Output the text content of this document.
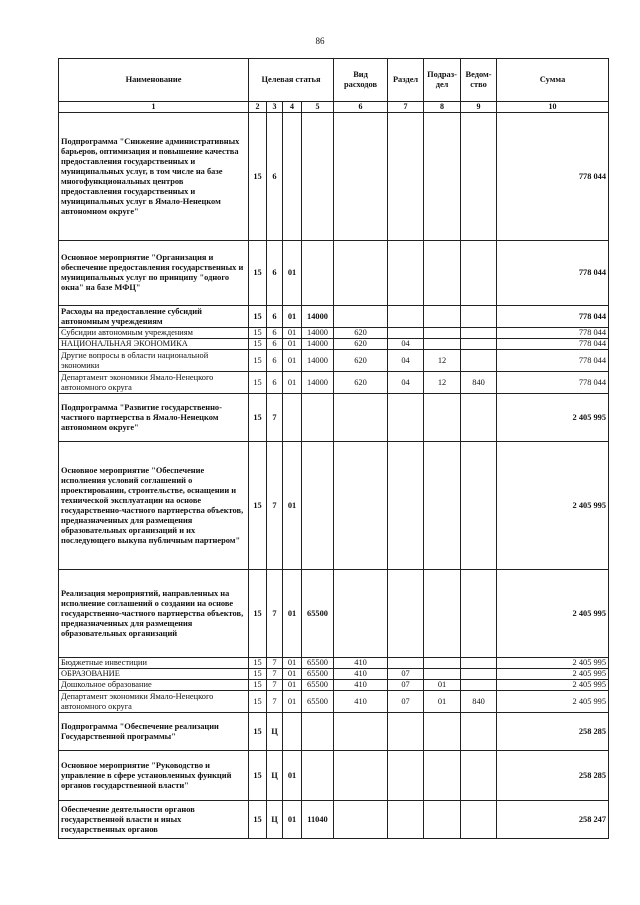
86
Наименование	Целевая статья				Вид расходов	Раздел	Подраз-дел	Ведом-ство	Сумма
1	2	3	4	5	6	7	8	9	10
Подпрограмма "Снижение административных барьеров, оптимизация и повышение качества предоставления государственных и муниципальных услуг, в том числе на базе многофункциональных центров предоставления государственных и муниципальных услуг в Ямало-Ненецком автономном округе"	15	6							778 044
Основное мероприятие "Организация и обеспечение предоставления государственных и муниципальных услуг по принципу "одного окна" на базе МФЦ"	15	6	01						778 044
Расходы на предоставление субсидий автономным учреждениям	15	6	01	14000					778 044
Субсидии автономным учреждениям	15	6	01	14000	620				778 044
НАЦИОНАЛЬНАЯ ЭКОНОМИКА	15	6	01	14000	620	04			778 044
Другие вопросы в области национальной экономики	15	6	01	14000	620	04	12		778 044
Департамент экономики Ямало-Ненецкого автономного округа	15	6	01	14000	620	04	12	840	778 044
Подпрограмма "Развитие государственно-частного партнерства в Ямало-Ненецком автономном округе"	15	7							2 405 995
Основное мероприятие "Обеспечение исполнения условий соглашений о проектировании, строительстве, оснащении и технической эксплуатации на основе государственно-частного партнерства объектов, предназначенных для размещения образовательных организаций и их последующего выкупа публичным партнером"	15	7	01						2 405 995
Реализация мероприятий, направленных на исполнение соглашений о создании на основе государственно-частного партнерства объектов, предназначенных для размещения образовательных организаций	15	7	01	65500					2 405 995
Бюджетные инвестиции	15	7	01	65500	410				2 405 995
ОБРАЗОВАНИЕ	15	7	01	65500	410	07			2 405 995
Дошкольное образование	15	7	01	65500	410	07	01		2 405 995
Департамент экономики Ямало-Ненецкого автономного округа	15	7	01	65500	410	07	01	840	2 405 995
Подпрограмма "Обеспечение реализации Государственной программы"	15	Ц							258 285
Основное мероприятие "Руководство и управление в сфере установленных функций органов государственной власти"	15	Ц	01						258 285
Обеспечение деятельности органов государственной власти и иных государственных органов	15	Ц	01	11040					258 247
